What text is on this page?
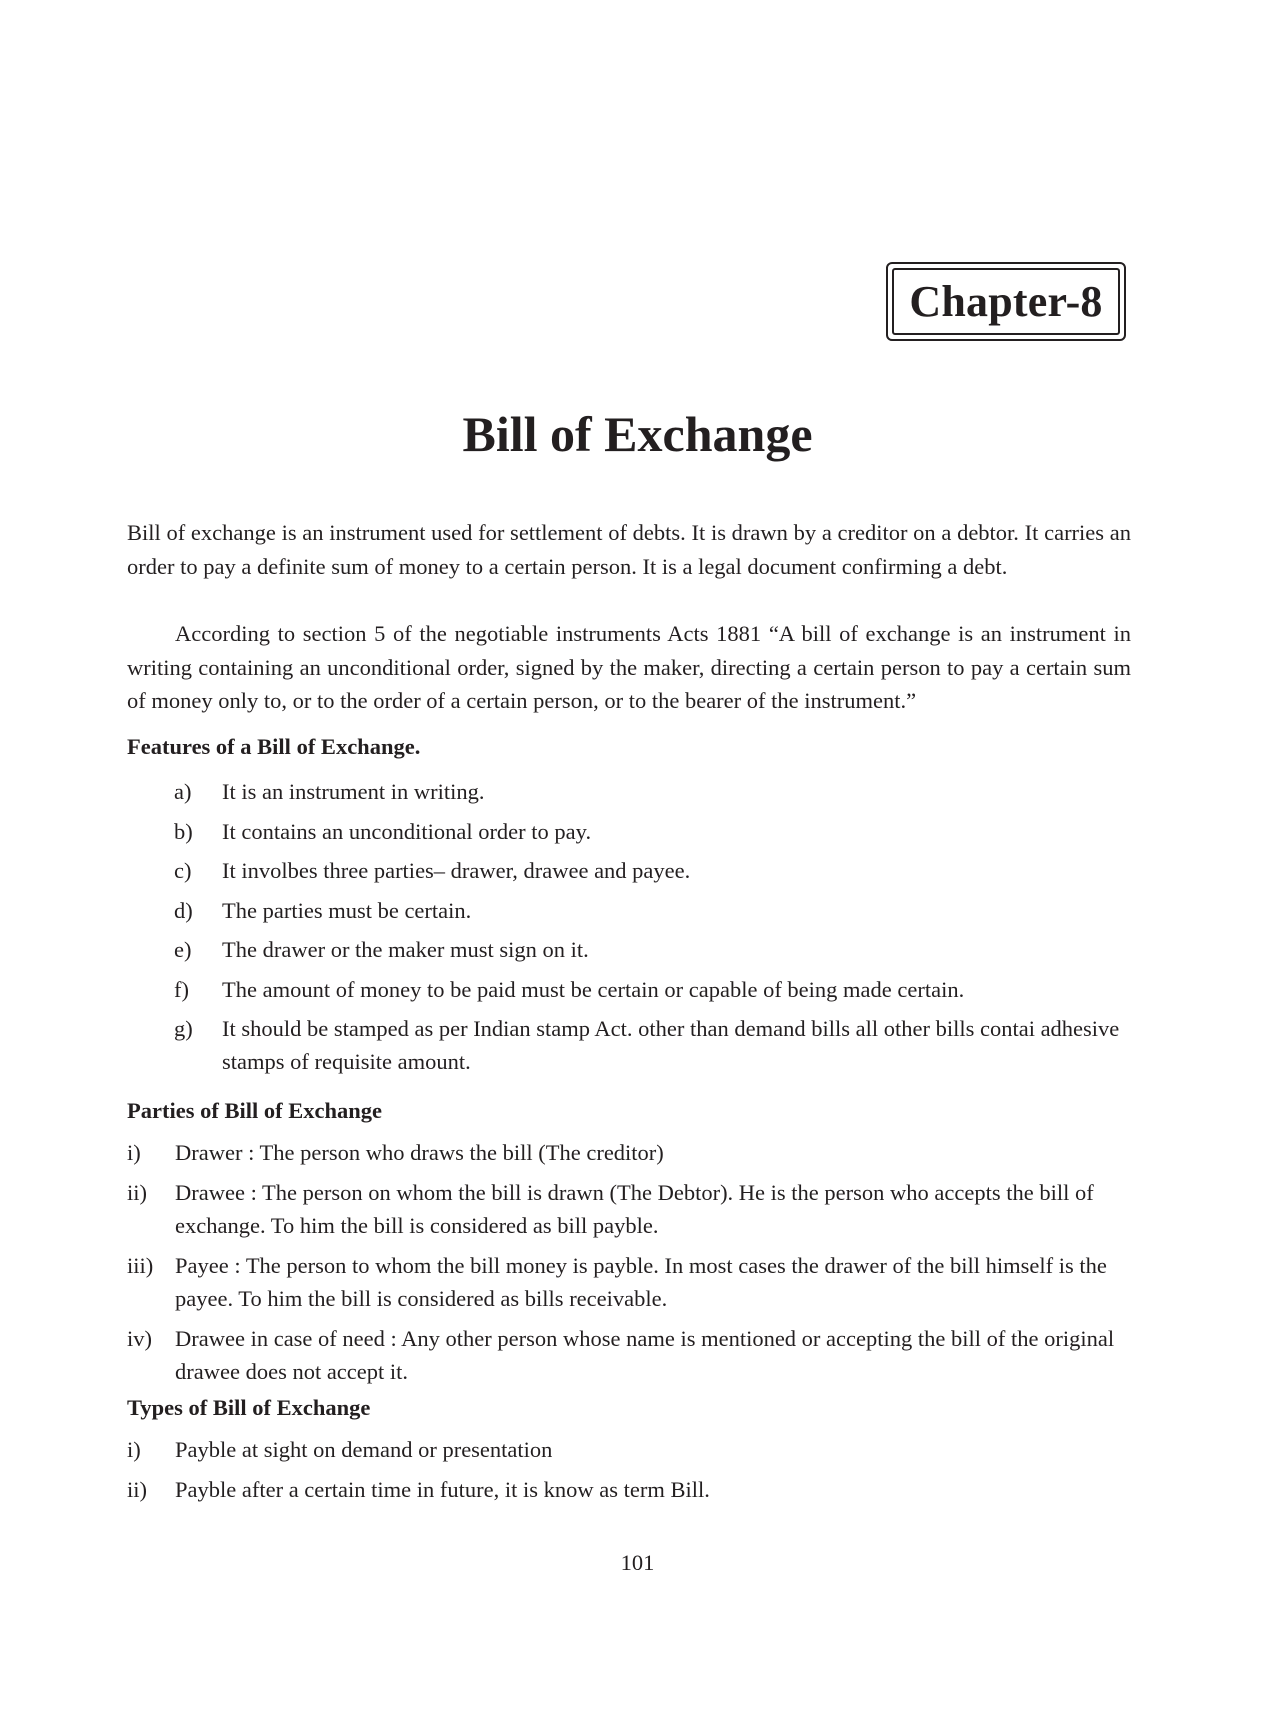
Chapter-8
Bill of Exchange
Bill of exchange is an instrument used for settlement of debts. It is drawn by a creditor on a debtor. It carries an order to pay a definite sum of money to a certain person. It is a legal document confirming a debt.
According to section 5 of the negotiable instruments Acts 1881 “A bill of exchange is an instrument in writing containing an unconditional order, signed by the maker, directing a certain person to pay a certain sum of money only to, or to the order of a certain person, or to the bearer of the instrument.”
Features of a Bill of Exchange.
a)	It is an instrument in writing.
b)	It contains an unconditional order to pay.
c)	It involbes three parties– drawer, drawee and payee.
d)	The parties must be certain.
e)	The drawer or the maker must sign on it.
f)	The amount of money to be paid must be certain or capable of being made certain.
g)	It should be stamped as per Indian stamp Act. other than demand bills all other bills contai adhesive stamps of requisite amount.
Parties of Bill of Exchange
i)	Drawer : The person who draws the bill (The creditor)
ii)	Drawee : The person on whom the bill is drawn (The Debtor). He is the person who accepts the bill of exchange. To him the bill is considered as bill payble.
iii) Payee : The person to whom the bill money is payble. In most cases the drawer of the bill himself is the payee. To him the bill is considered as bills receivable.
iv)	Drawee in case of need : Any other person whose name is mentioned or accepting the bill of the original drawee does not accept it.
Types of Bill of Exchange
i)	Payble at sight on demand or presentation
ii)	Payble after a certain time in future, it is know as term Bill.
101
